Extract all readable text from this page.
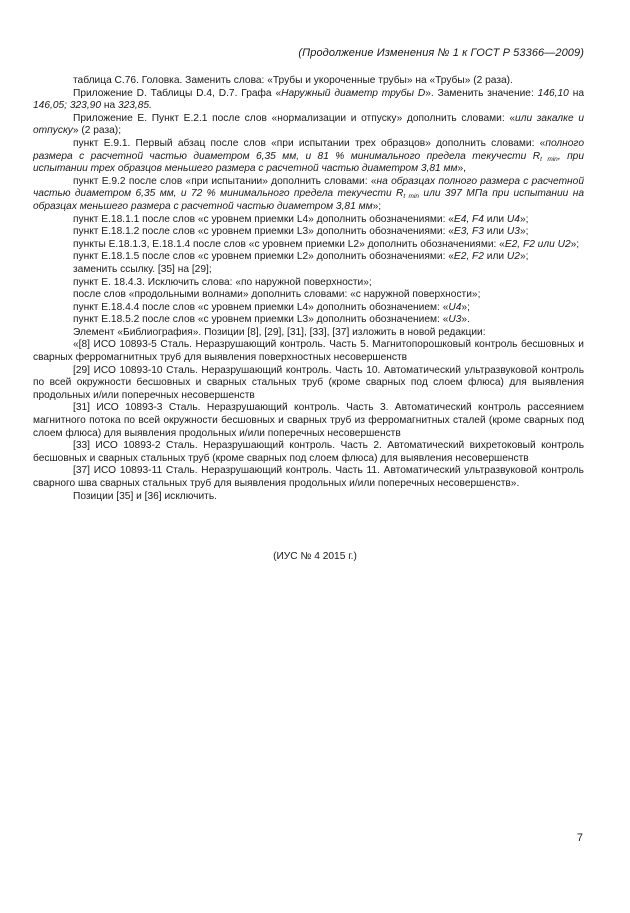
(Продолжение Изменения № 1 к ГОСТ Р 53366—2009)

таблица С.76. Головка. Заменить слова: «Трубы и укороченные трубы» на «Трубы» (2 раза).

Приложение D. Таблицы D.4, D.7. Графа «Наружный диаметр трубы D». Заменить значение: 146,10 на 146,05; 323,90 на 323,85.

Приложение Е. Пункт Е.2.1 после слов «нормализации и отпуску» дополнить словами: «или закалке и отпуску» (2 раза);

пункт Е.9.1. Первый абзац после слов «при испытании трех образцов» дополнить словами: «полного размера с расчетной частью диаметром 6,35 мм, и 81 % минимального предела текучести $R_{t min}$, при испытании трех образцов меньшего размера с расчетной частью диаметром 3,81 мм»,

пункт Е.9.2 после слов «при испытании» дополнить словами: «на образцах полного размера с расчетной частью диаметром 6,35 мм, и 72 % минимального предела текучести $R_{t min}$ или 397 МПа при испытании на образцах меньшего размера с расчетной частью диаметром 3,81 мм»;

пункт Е.18.1.1 после слов «с уровнем приемки L4» дополнить обозначениями: «Е4, F4 или U4»;

пункт Е.18.1.2 после слов «с уровнем приемки L3» дополнить обозначениями: «Е3, F3 или U3»;

пункты Е.18.1.3, Е.18.1.4 после слов «с уровнем приемки L2» дополнить обозначениями: «Е2, F2 или U2»;

пункт Е.18.1.5 после слов «с уровнем приемки L2» дополнить обозначениями: «Е2, F2 или U2»;

заменить ссылку. [35] на [29];

пункт Е. 18.4.3. Исключить слова: «по наружной поверхности»;

после слов «продольными волнами» дополнить словами: «с наружной поверхности»;

пункт Е.18.4.4 после слов «с уровнем приемки L4» дополнить обозначением: «U4»;

пункт Е.18.5.2 после слов «с уровнем приемки L3» дополнить обозначением: «U3».

Элемент «Библиография». Позиции [8], [29], [31], [33], [37] изложить в новой редакции:

«[8] ИСО 10893-5 Сталь. Неразрушающий контроль. Часть 5. Магнитопорошковый контроль бесшовных и сварных ферромагнитных труб для выявления поверхностных несовершенств

[29] ИСО 10893-10 Сталь. Неразрушающий контроль. Часть 10. Автоматический ультразвуковой контроль по всей окружности бесшовных и сварных стальных труб (кроме сварных под слоем флюса) для выявления продольных и/или поперечных несовершенств

[31] ИСО 10893-3 Сталь. Неразрушающий контроль. Часть 3. Автоматический контроль рассеянием магнитного потока по всей окружности бесшовных и сварных труб из ферромагнитных сталей (кроме сварных под слоем флюса) для выявления продольных и/или поперечных несовершенств

[33] ИСО 10893-2 Сталь. Неразрушающий контроль. Часть 2. Автоматический вихретоковый контроль бесшовных и сварных стальных труб (кроме сварных под слоем флюса) для выявления несовершенств

[37] ИСО 10893-11 Сталь. Неразрушающий контроль. Часть 11. Автоматический ультразвуковой контроль сварного шва сварных стальных труб для выявления продольных и/или поперечных несовершенств».

Позиции [35] и [36] исключить.

(ИУС № 4 2015 г.)
7
